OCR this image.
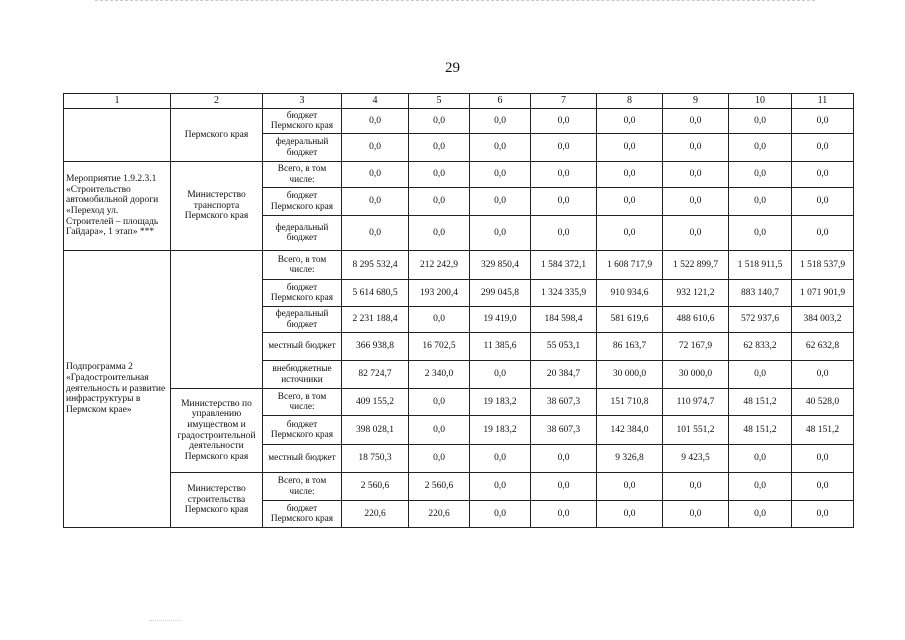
29
1	2	3	4	5	6	7	8	9	10	11
	Пермского края	бюджет Пермского края	0,0	0,0	0,0	0,0	0,0	0,0	0,0	0,0
		федеральный бюджет	0,0	0,0	0,0	0,0	0,0	0,0	0,0	0,0
Мероприятие 1.9.2.3.1 «Строительство автомобильной дороги «Переход ул. Строителей – площадь Гайдара», 1 этап» ***	Министерство транспорта Пермского края	Всего, в том числе:	0,0	0,0	0,0	0,0	0,0	0,0	0,0	0,0
		бюджет Пермского края	0,0	0,0	0,0	0,0	0,0	0,0	0,0	0,0
		федеральный бюджет	0,0	0,0	0,0	0,0	0,0	0,0	0,0	0,0
Подпрограмма 2 «Градостроительная деятельность и развитие инфраструктуры в Пермском крае»		Всего, в том числе:	8 295 532,4	212 242,9	329 850,4	1 584 372,1	1 608 717,9	1 522 899,7	1 518 911,5	1 518 537,9
		бюджет Пермского края	5 614 680,5	193 200,4	299 045,8	1 324 335,9	910 934,6	932 121,2	883 140,7	1 071 901,9
		федеральный бюджет	2 231 188,4	0,0	19 419,0	184 598,4	581 619,6	488 610,6	572 937,6	384 003,2
		местный бюджет	366 938,8	16 702,5	11 385,6	55 053,1	86 163,7	72 167,9	62 833,2	62 632,8
		внебюджетные источники	82 724,7	2 340,0	0,0	20 384,7	30 000,0	30 000,0	0,0	0,0
	Министерство по управлению имуществом и градостроительной деятельности Пермского края	Всего, в том числе:	409 155,2	0,0	19 183,2	38 607,3	151 710,8	110 974,7	48 151,2	40 528,0
		бюджет Пермского края	398 028,1	0,0	19 183,2	38 607,3	142 384,0	101 551,2	48 151,2	48 151,2
		местный бюджет	18 750,3	0,0	0,0	0,0	9 326,8	9 423,5	0,0	0,0
	Министерство строительства Пермского края	Всего, в том числе:	2 560,6	2 560,6	0,0	0,0	0,0	0,0	0,0	0,0
		бюджет Пермского края	220,6	220,6	0,0	0,0	0,0	0,0	0,0	0,0
